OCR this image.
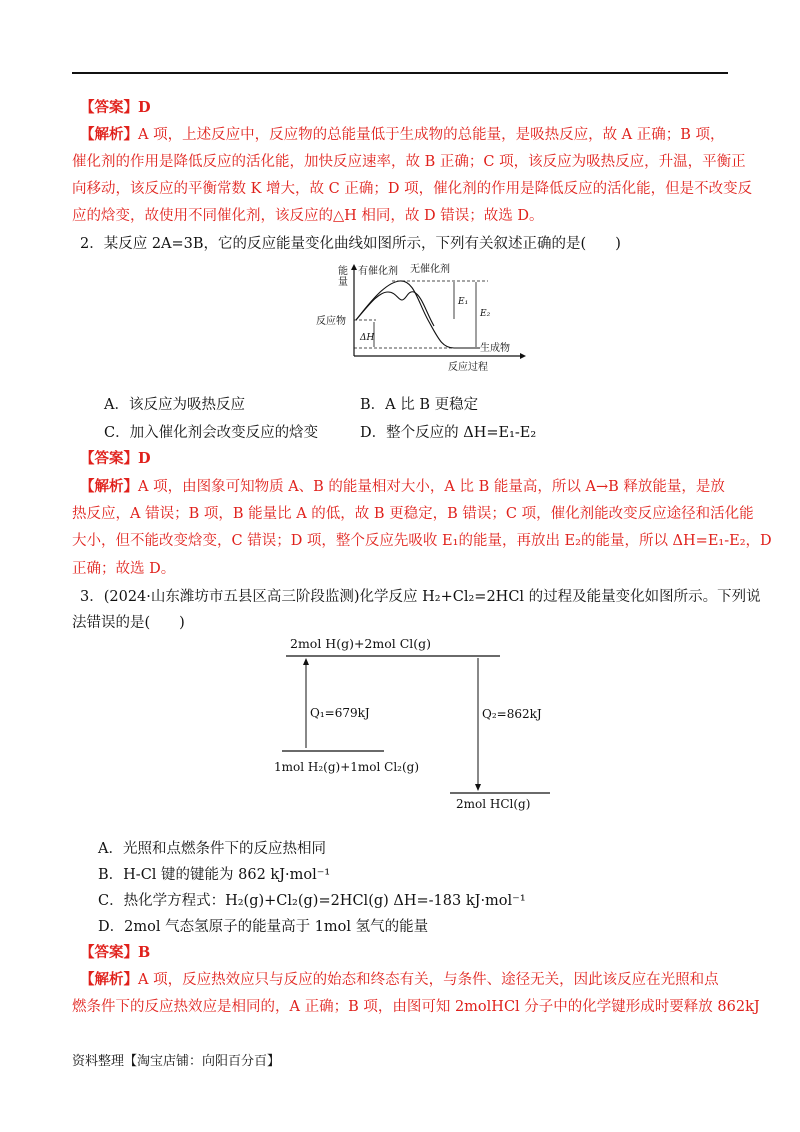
【答案】D
【解析】A 项，上述反应中，反应物的总能量低于生成物的总能量，是吸热反应，故 A 正确；B 项，
催化剂的作用是降低反应的活化能，加快反应速率，故 B 正确；C 项，该反应为吸热反应，升温，平衡正
向移动，该反应的平衡常数 K 增大，故 C 正确；D 项，催化剂的作用是降低反应的活化能，但是不改变反
应的焓变，故使用不同催化剂，该反应的△H 相同，故 D 错误；故选 D。
2．某反应 2A=3B，它的反应能量变化曲线如图所示，下列有关叙述正确的是(　　)
能
量
有催化剂 无催化剂
反应物
ΔH
E₁
E₂
生成物
反应过程
A．该反应为吸热反应	B．A 比 B 更稳定
C．加入催化剂会改变反应的焓变	D．整个反应的 ΔH=E₁-E₂
【答案】D
【解析】A 项，由图象可知物质 A、B 的能量相对大小，A 比 B 能量高，所以 A→B 释放能量，是放
热反应，A 错误；B 项，B 能量比 A 的低，故 B 更稳定，B 错误；C 项，催化剂能改变反应途径和活化能
大小，但不能改变焓变，C 错误；D 项，整个反应先吸收 E₁的能量，再放出 E₂的能量，所以 ΔH=E₁-E₂，D
正确；故选 D。
3．(2024·山东潍坊市五县区高三阶段监测)化学反应 H₂+Cl₂=2HCl 的过程及能量变化如图所示。下列说
法错误的是(　　)
2mol H(g)+2mol Cl(g)
Q₁=679kJ	Q₂=862kJ
1mol H₂(g)+1mol Cl₂(g)
2mol HCl(g)
A．光照和点燃条件下的反应热相同
B．H-Cl 键的键能为 862 kJ·mol⁻¹
C．热化学方程式：H₂(g)+Cl₂(g)=2HCl(g) ΔH=-183 kJ·mol⁻¹
D．2mol 气态氢原子的能量高于 1mol 氢气的能量
【答案】B
【解析】A 项，反应热效应只与反应的始态和终态有关，与条件、途径无关，因此该反应在光照和点
燃条件下的反应热效应是相同的，A 正确；B 项，由图可知 2molHCl 分子中的化学键形成时要释放 862kJ
资料整理【淘宝店铺：向阳百分百】
